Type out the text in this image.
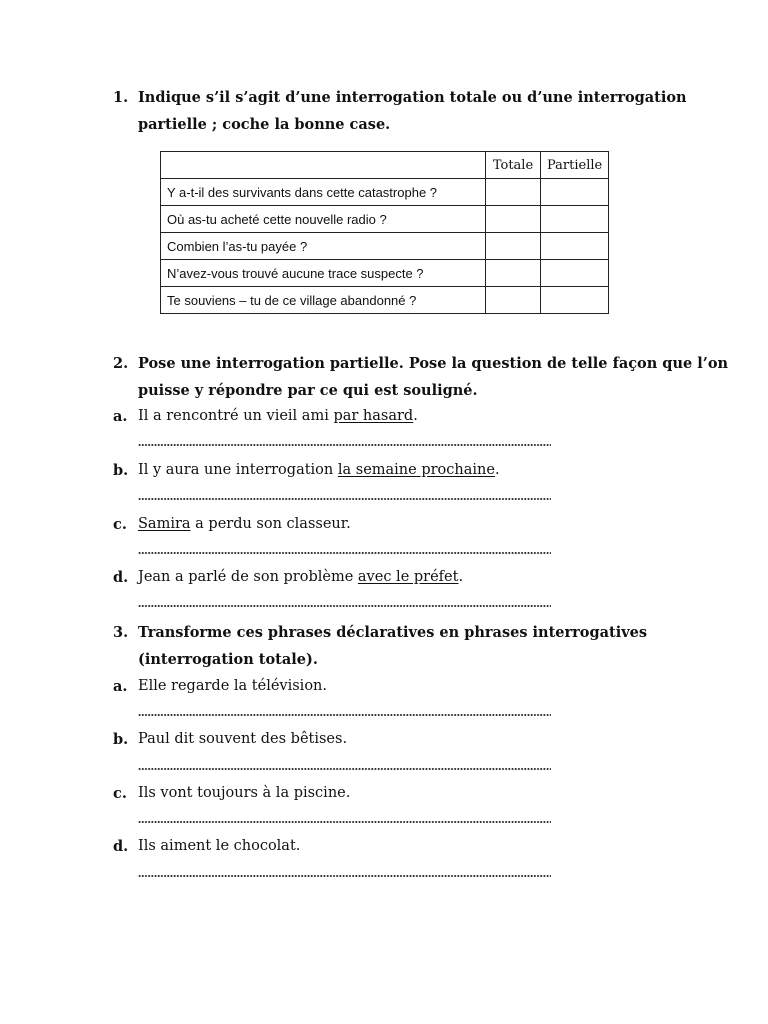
1. Indique s’il s’agit d’une interrogation totale ou d’une interrogation
partielle ; coche la bonne case.
	Totale	Partielle
Y a-t-il des survivants dans cette catastrophe ?		
Où as-tu acheté cette nouvelle radio ?		
Combien l’as-tu payée ?		
N’avez-vous trouvé aucune trace suspecte ?		
Te souviens – tu de ce village abandonné ?		
2. Pose une interrogation partielle. Pose la question de telle façon que l’on
puisse y répondre par ce qui est souligné.
a. Il a rencontré un vieil ami par hasard.
b. Il y aura une interrogation la semaine prochaine.
c. Samira a perdu son classeur.
d. Jean a parlé de son problème avec le préfet.
3. Transforme ces phrases déclaratives en phrases interrogatives
(interrogation totale).
a. Elle regarde la télévision.
b. Paul dit souvent des bêtises.
c. Ils vont toujours à la piscine.
d. Ils aiment le chocolat.
